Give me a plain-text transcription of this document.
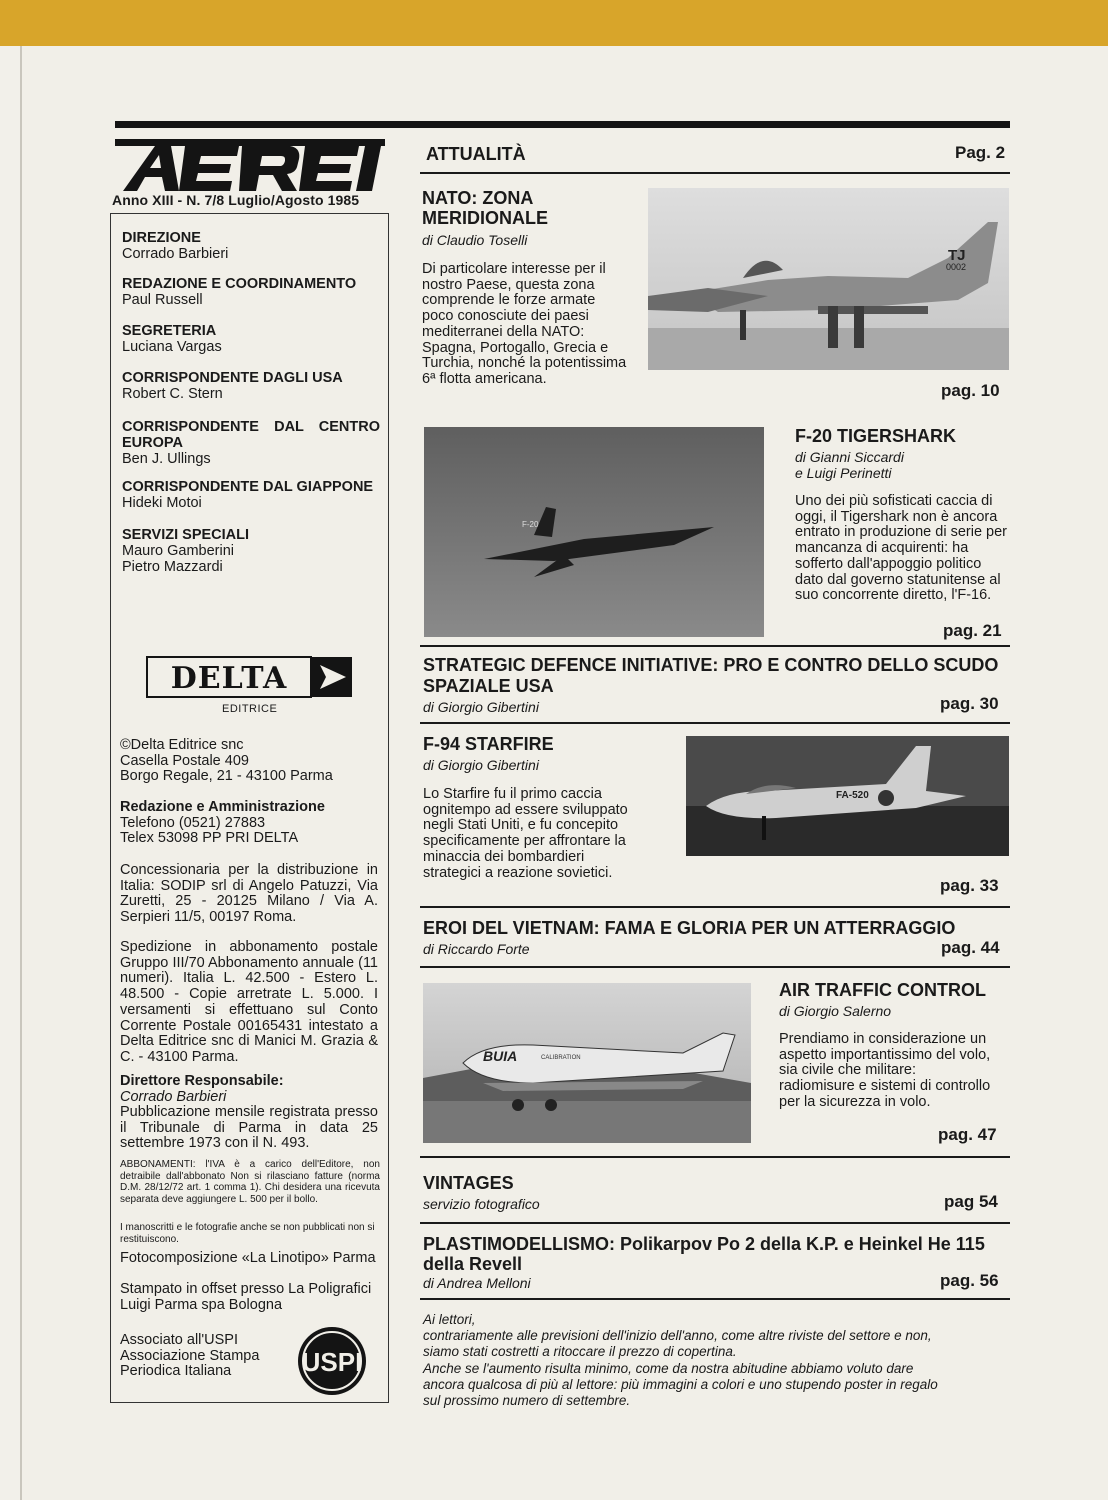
Anno XIII - N. 7/8 Luglio/Agosto 1985
DIREZIONE
Corrado Barbieri
REDAZIONE E COORDINAMENTO
Paul Russell
SEGRETERIA
Luciana Vargas
CORRISPONDENTE DAGLI USA
Robert C. Stern
CORRISPONDENTE DAL CENTRO EUROPA
Ben J. Ullings
CORRISPONDENTE DAL GIAPPONE
Hideki Motoi
SERVIZI SPECIALI
Mauro Gamberini
Pietro Mazzardi
DELTA
EDITRICE
©Delta Editrice snc
Casella Postale 409
Borgo Regale, 21 - 43100 Parma
Redazione e Amministrazione
Telefono (0521) 27883
Telex 53098 PP PRI DELTA
Concessionaria per la distribuzione in Italia: SODIP srl di Angelo Patuzzi, Via Zuretti, 25 - 20125 Milano / Via A. Serpieri 11/5, 00197 Roma.
Spedizione in abbonamento postale Gruppo III/70 Abbonamento annuale (11 numeri). Italia L. 42.500 - Estero L. 48.500 - Copie arretrate L. 5.000. I versamenti si effettuano sul Conto Corrente Postale 00165431 intestato a Delta Editrice snc di Manici M. Grazia & C. - 43100 Parma.
Direttore Responsabile:
Corrado Barbieri
Pubblicazione mensile registrata presso il Tribunale di Parma in data 25 settembre 1973 con il N. 493.
ABBONAMENTI: l'IVA è a carico dell'Editore, non detraibile dall'abbonato Non si rilasciano fatture (norma D.M. 28/12/72 art. 1 comma 1). Chi desidera una ricevuta separata deve aggiungere L. 500 per il bollo.
I manoscritti e le fotografie anche se non pubblicati non si restituiscono.
Fotocomposizione «La Linotipo» Parma
Stampato in offset presso La Poligrafici Luigi Parma spa Bologna
Associato all'USPI
Associazione Stampa
Periodica Italiana	USPI
ATTUALITÀ	Pag. 2
NATO: ZONA
MERIDIONALE
di Claudio Toselli
Di particolare interesse per il nostro Paese, questa zona comprende le forze armate poco conosciute dei paesi mediterranei della NATO: Spagna, Portogallo, Grecia e Turchia, nonché la potentissima 6ª flotta americana.
TJ
0002
pag. 10
F-20
F-20 TIGERSHARK
di Gianni Siccardi
e Luigi Perinetti
Uno dei più sofisticati caccia di oggi, il Tigershark non è ancora entrato in produzione di serie per mancanza di acquirenti: ha sofferto dall'appoggio politico dato dal governo statunitense al suo concorrente diretto, l'F-16.
pag. 21
STRATEGIC DEFENCE INITIATIVE: PRO E CONTRO DELLO SCUDO
SPAZIALE USA
di Giorgio Gibertini	pag. 30
F-94 STARFIRE
di Giorgio Gibertini
Lo Starfire fu il primo caccia ognitempo ad essere sviluppato negli Stati Uniti, e fu concepito specificamente per affrontare la minaccia dei bombardieri strategici a reazione sovietici.
FA-520
pag. 33
EROI DEL VIETNAM: FAMA E GLORIA PER UN ATTERRAGGIO
di Riccardo Forte	pag. 44
BUIA	CALIBRATION
AIR TRAFFIC CONTROL
di Giorgio Salerno
Prendiamo in considerazione un aspetto importantissimo del volo, sia civile che militare: radiomisure e sistemi di controllo per la sicurezza in volo.
pag. 47
VINTAGES
servizio fotografico	pag 54
PLASTIMODELLISMO: Polikarpov Po 2 della K.P. e Heinkel He 115
della Revell
di Andrea Melloni	pag. 56
Ai lettori,
contrariamente alle previsioni dell'inizio dell'anno, come altre riviste del settore e non,
siamo stati costretti a ritoccare il prezzo di copertina.
Anche se l'aumento risulta minimo, come da nostra abitudine abbiamo voluto dare
ancora qualcosa di più al lettore: più immagini a colori e uno stupendo poster in regalo
sul prossimo numero di settembre.
